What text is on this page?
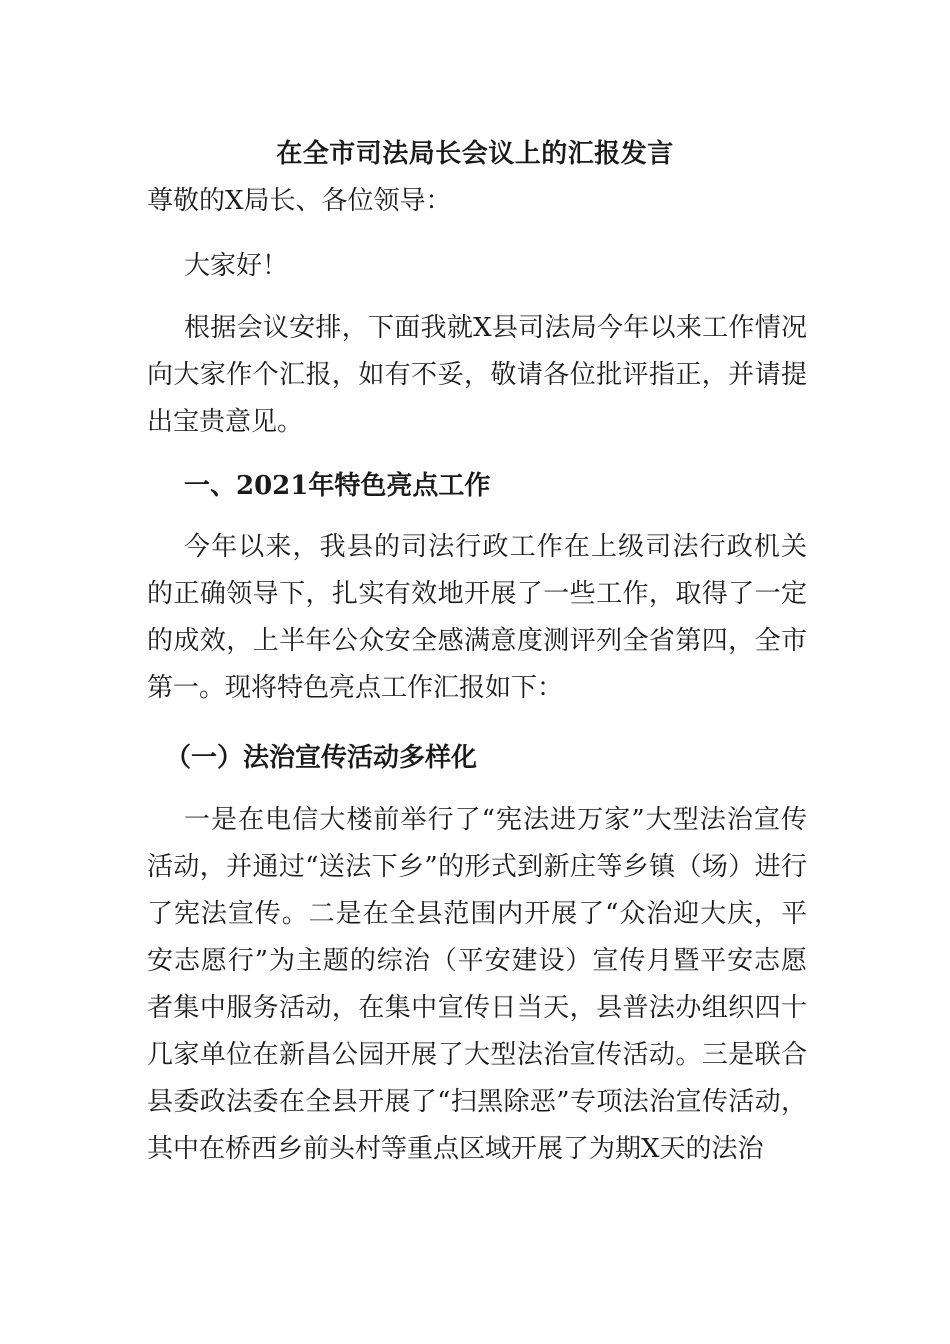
在全市司法局长会议上的汇报发言
尊敬的X局长、各位领导：
大家好！
根据会议安排，下面我就X县司法局今年以来工作情况向大家作个汇报，如有不妥，敬请各位批评指正，并请提出宝贵意见。
一、2021年特色亮点工作
今年以来，我县的司法行政工作在上级司法行政机关的正确领导下，扎实有效地开展了一些工作，取得了一定的成效，上半年公众安全感满意度测评列全省第四，全市第一。现将特色亮点工作汇报如下：
（一）法治宣传活动多样化
一是在电信大楼前举行了“宪法进万家”大型法治宣传活动，并通过“送法下乡”的形式到新庄等乡镇（场）进行了宪法宣传。二是在全县范围内开展了“众治迎大庆，平安志愿行”为主题的综治（平安建设）宣传月暨平安志愿者集中服务活动，在集中宣传日当天，县普法办组织四十几家单位在新昌公园开展了大型法治宣传活动。三是联合县委政法委在全县开展了“扫黑除恶”专项法治宣传活动，其中在桥西乡前头村等重点区域开展了为期X天的法治
